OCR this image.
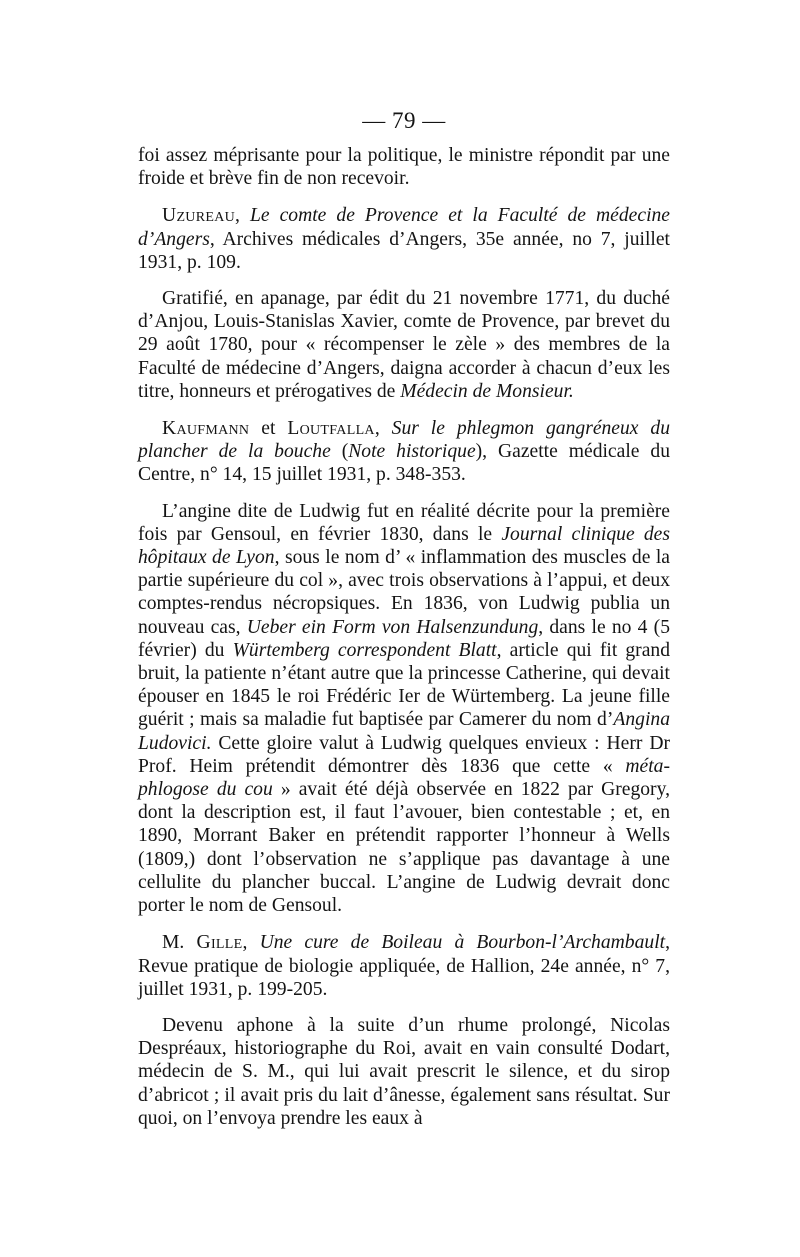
— 79 —

foi assez méprisante pour la politique, le ministre répondit par une froide et brève fin de non recevoir.

Uzureau, Le comte de Provence et la Faculté de médecine d’Angers, Archives médicales d’Angers, 35e année, no 7, juillet 1931, p. 109.

Gratifié, en apanage, par édit du 21 novembre 1771, du duché d’Anjou, Louis-Stanislas Xavier, comte de Provence, par brevet du 29 août 1780, pour « récompenser le zèle » des membres de la Faculté de médecine d’Angers, daigna accorder à chacun d’eux les titre, honneurs et prérogatives de Médecin de Monsieur.

Kaufmann et Loutfalla, Sur le phlegmon gangréneux du plancher de la bouche (Note historique), Gazette médicale du Centre, n° 14, 15 juillet 1931, p. 348-353.

L’angine dite de Ludwig fut en réalité décrite pour la première fois par Gensoul, en février 1830, dans le Journal clinique des hôpitaux de Lyon, sous le nom d’ « inflammation des muscles de la partie supérieure du col », avec trois observations à l’appui, et deux comptes-rendus nécropsiques. En 1836, von Ludwig publia un nouveau cas, Ueber ein Form von Halsenzundung, dans le no 4 (5 février) du Würtemberg correspondent Blatt, article qui fit grand bruit, la patiente n’étant autre que la princesse Catherine, qui devait épouser en 1845 le roi Frédéric Ier de Würtemberg. La jeune fille guérit ; mais sa maladie fut baptisée par Camerer du nom d’Angina Ludovici. Cette gloire valut à Ludwig quelques envieux : Herr Dr Prof. Heim prétendit démontrer dès 1836 que cette « méta-phlogose du cou » avait été déjà observée en 1822 par Gregory, dont la description est, il faut l’avouer, bien contestable ; et, en 1890, Morrant Baker en prétendit rapporter l’honneur à Wells (1809,) dont l’observation ne s’applique pas davantage à une cellulite du plancher buccal. L’angine de Ludwig devrait donc porter le nom de Gensoul.

M. Gille, Une cure de Boileau à Bourbon-l’Archambault, Revue pratique de biologie appliquée, de Hallion, 24e année, n° 7, juillet 1931, p. 199-205.

Devenu aphone à la suite d’un rhume prolongé, Nicolas Despréaux, historiographe du Roi, avait en vain consulté Dodart, médecin de S. M., qui lui avait prescrit le silence, et du sirop d’abricot ; il avait pris du lait d’ânesse, également sans résultat. Sur quoi, on l’envoya prendre les eaux à
